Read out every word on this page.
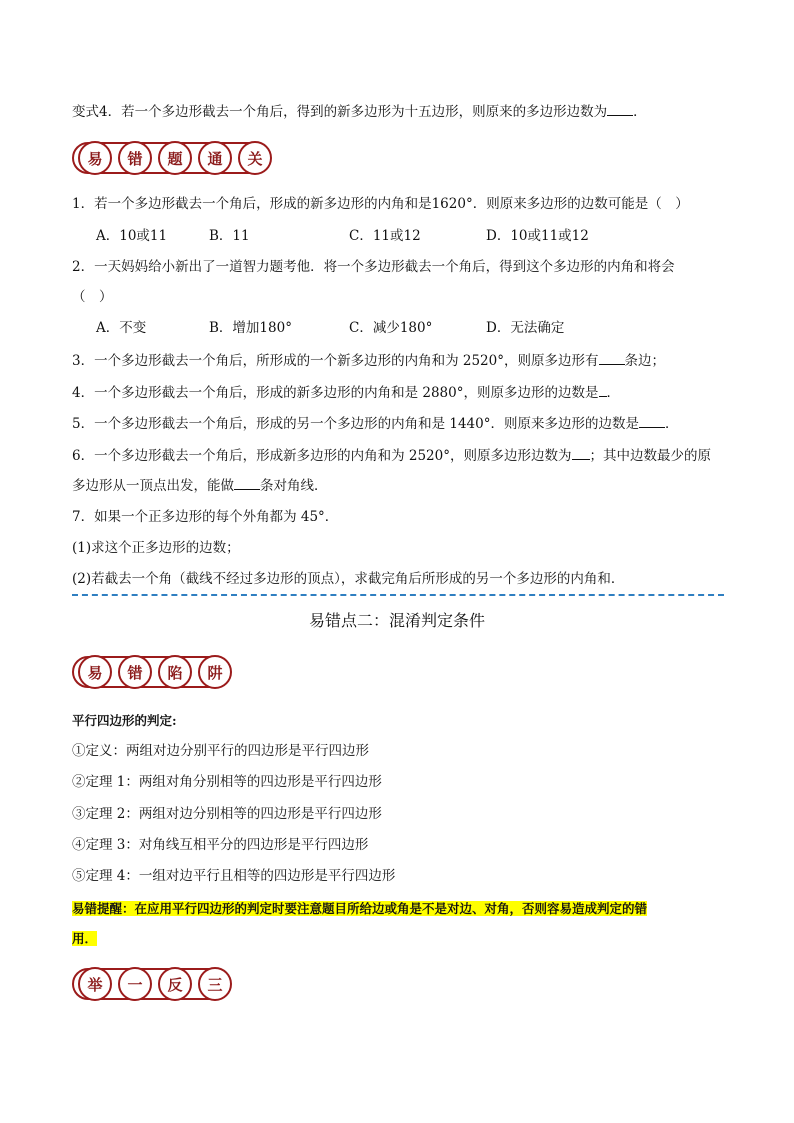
变式4．若一个多边形截去一个角后，得到的新多边形为十五边形，则原来的多边形边数为 ．
易	错	题	通	关
1．若一个多边形截去一个角后，形成的新多边形的内角和是1620°．则原来多边形的边数可能是（　）
A．10或11	B．11	C．11或12	D．10或11或12
2．一天妈妈给小新出了一道智力题考他．将一个多边形截去一个角后，得到这个多边形的内角和将会
（　）
A．不变	B．增加180°	C．减少180°	D．无法确定
3．一个多边形截去一个角后，所形成的一个新多边形的内角和为 2520°，则原多边形有 条边；
4．一个多边形截去一个角后，形成的新多边形的内角和是 2880°，则原多边形的边数是 ．
5．一个多边形截去一个角后，形成的另一个多边形的内角和是 1440°．则原来多边形的边数是 ．
6．一个多边形截去一个角后，形成新多边形的内角和为 2520°，则原多边形边数为 ；其中边数最少的原
多边形从一顶点出发，能做 条对角线．
7．如果一个正多边形的每个外角都为 45°．
(1)求这个正多边形的边数；
(2)若截去一个角（截线不经过多边形的顶点），求截完角后所形成的另一个多边形的内角和．
易错点二：混淆判定条件
易	错	陷	阱
平行四边形的判定:
①定义：两组对边分别平行的四边形是平行四边形
②定理 1：两组对角分别相等的四边形是平行四边形
③定理 2：两组对边分别相等的四边形是平行四边形
④定理 3：对角线互相平分的四边形是平行四边形
⑤定理 4：一组对边平行且相等的四边形是平行四边形
易错提醒：在应用平行四边形的判定时要注意题目所给边或角是不是对边、对角，否则容易造成判定的错
用．
举	一	反	三
